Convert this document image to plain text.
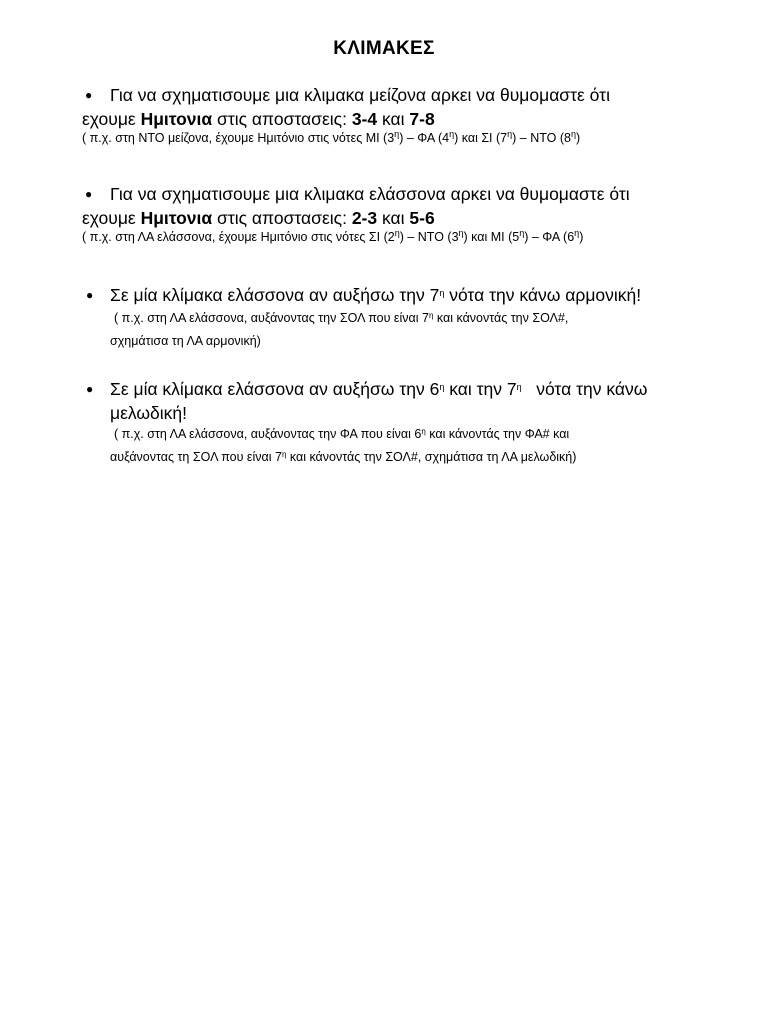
ΚΛΙΜΑΚΕΣ
●	Για να σχηματισουμε μια κλιμακα μείζονα αρκει να θυμομαστε ότι
εχουμε Ημιτονια στις αποστασεις: 3-4 και 7-8
( π.χ. στη ΝΤΟ μείζονα, έχουμε Ημιτόνιο στις νότες ΜΙ $(3^\eta)$ – ΦΑ $(4^\eta)$ και ΣΙ $(7^\eta)$ – ΝΤΟ $(8^\eta)$
●	Για να σχηματισουμε μια κλιμακα ελάσσονα αρκει να θυμομαστε ότι
εχουμε Ημιτονια στις αποστασεις: 2-3 και 5-6
( π.χ. στη ΛΑ ελάσσονα, έχουμε Ημιτόνιο στις νότες ΣΙ $(2^\eta)$ – ΝΤΟ $(3^\eta)$ και ΜΙ $(5^\eta)$ – ΦΑ $(6^\eta)$
● Σε μία κλίμακα ελάσσονα αν αυξήσω την $7^\eta$ νότα την κάνω αρμονική!
( π.χ. στη ΛΑ ελάσσονα, αυξάνοντας την ΣΟΛ που είναι $7^\eta$ και κάνοντάς την ΣΟΛ#,
σχημάτισα τη ΛΑ αρμονική)
● Σε μία κλίμακα ελάσσονα αν αυξήσω την $6^\eta$ και την $7^\eta$   νότα την κάνω
μελωδική!
( π.χ. στη ΛΑ ελάσσονα, αυξάνοντας την ΦΑ που είναι $6^\eta$ και κάνοντάς την ΦΑ# και
αυξάνοντας τη ΣΟΛ που είναι $7^\eta$ και κάνοντάς την ΣΟΛ#, σχημάτισα τη ΛΑ μελωδική)
